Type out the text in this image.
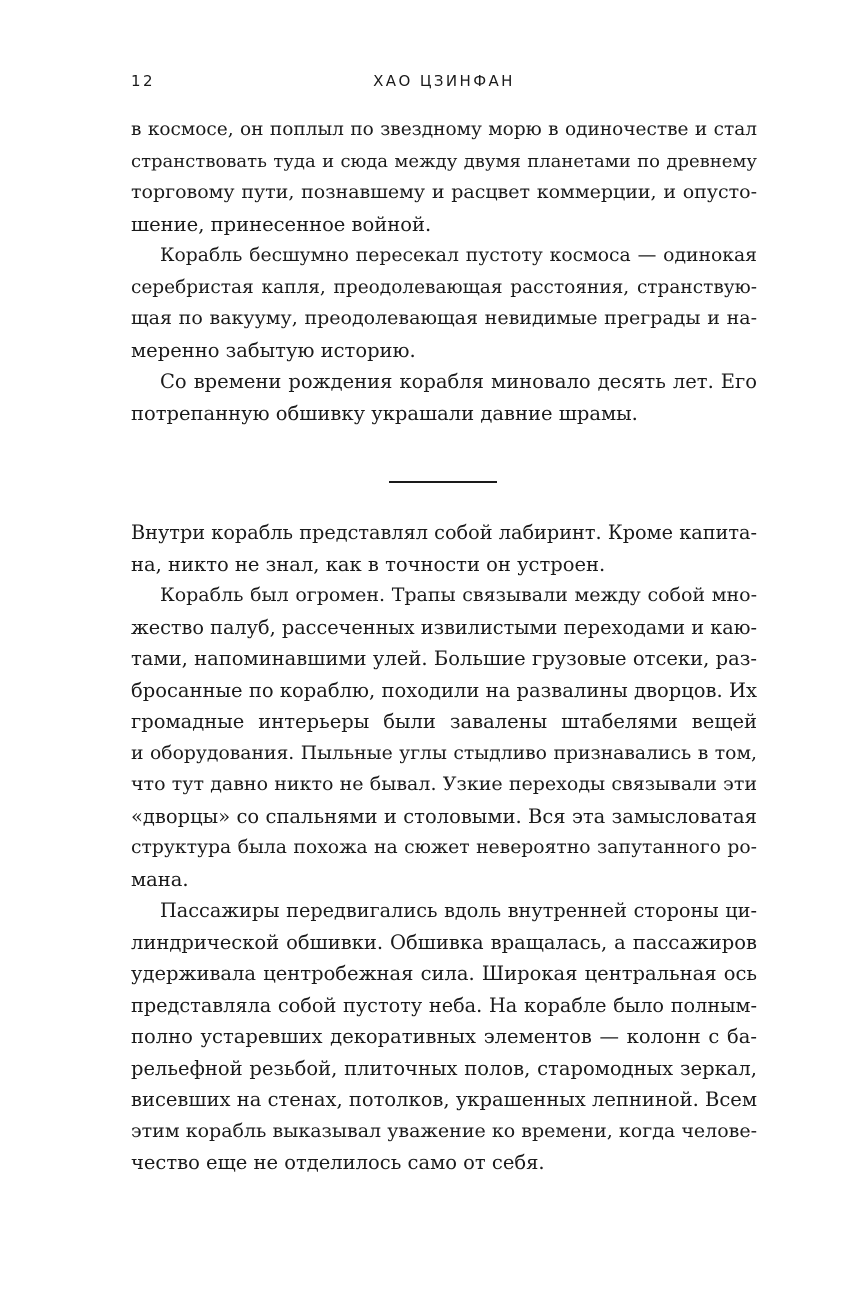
12	ХАО ЦЗИНФАН
в космосе, он поплыл по звездному морю в одиночестве и стал
странствовать туда и сюда между двумя планетами по древнему
торговому пути, познавшему и расцвет коммерции, и опусто-
шение, принесенное войной.
Корабль бесшумно пересекал пустоту космоса — одинокая
серебристая капля, преодолевающая расстояния, странствую-
щая по вакууму, преодолевающая невидимые преграды и на-
меренно забытую историю.
Со времени рождения корабля миновало десять лет. Его
потрепанную обшивку украшали давние шрамы.
Внутри корабль представлял собой лабиринт. Кроме капита-
на, никто не знал, как в точности он устроен.
Корабль был огромен. Трапы связывали между собой мно-
жество палуб, рассеченных извилистыми переходами и каю-
тами, напоминавшими улей. Большие грузовые отсеки, раз-
бросанные по кораблю, походили на развалины дворцов. Их
громадные интерьеры были завалены штабелями вещей
и оборудования. Пыльные углы стыдливо признавались в том,
что тут давно никто не бывал. Узкие переходы связывали эти
«дворцы» со спальнями и столовыми. Вся эта замысловатая
структура была похожа на сюжет невероятно запутанного ро-
мана.
Пассажиры передвигались вдоль внутренней стороны ци-
линдрической обшивки. Обшивка вращалась, а пассажиров
удерживала центробежная сила. Широкая центральная ось
представляла собой пустоту неба. На корабле было полным-
полно устаревших декоративных элементов — колонн с ба-
рельефной резьбой, плиточных полов, старомодных зеркал,
висевших на стенах, потолков, украшенных лепниной. Всем
этим корабль выказывал уважение ко времени, когда челове-
чество еще не отделилось само от себя.
